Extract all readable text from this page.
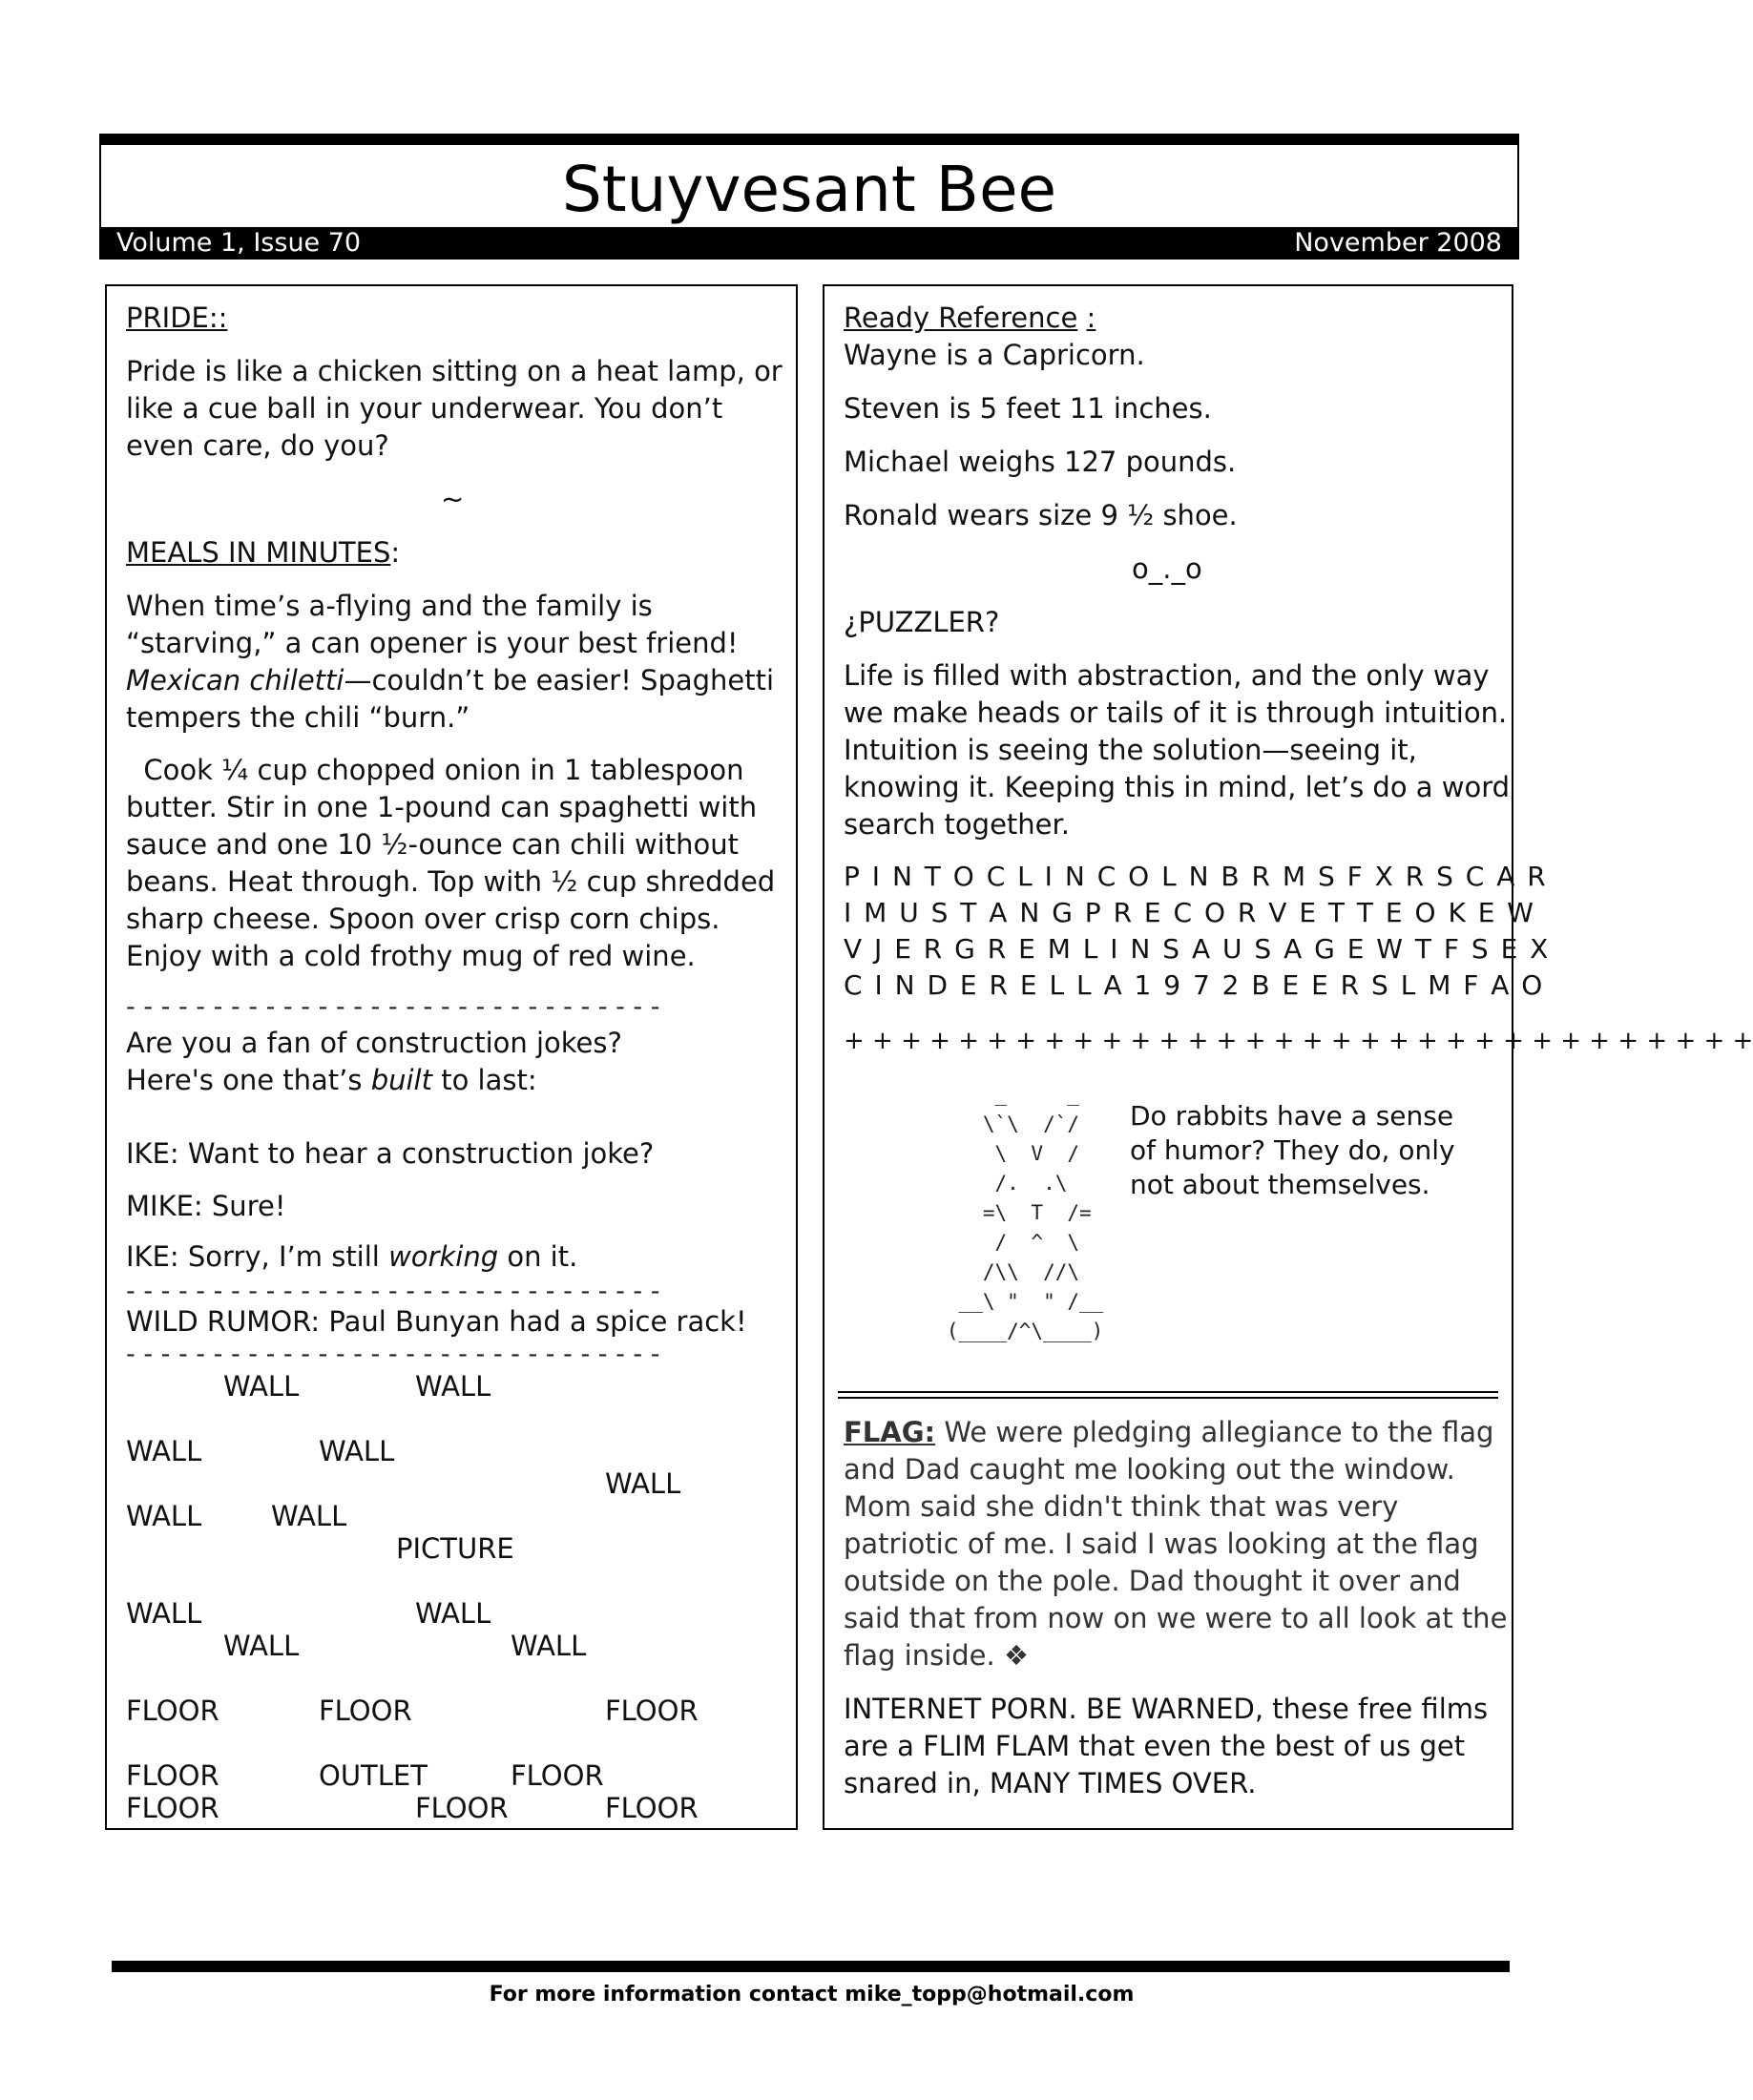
Stuyvesant Bee
Volume 1, Issue 70	November 2008
PRIDE::
Pride is like a chicken sitting on a heat lamp, or
like a cue ball in your underwear. You don’t
even care, do you?
~
MEALS IN MINUTES:
When time’s a-flying and the family is
“starving,” a can opener is your best friend!
Mexican chiletti—couldn’t be easier! Spaghetti
tempers the chili “burn.”
Cook ¼ cup chopped onion in 1 tablespoon
butter. Stir in one 1-pound can spaghetti with
sauce and one 10 ½-ounce can chili without
beans. Heat through. Top with ½ cup shredded
sharp cheese. Spoon over crisp corn chips.
Enjoy with a cold frothy mug of red wine.
- - - - - - - - - - - - - - - - - - - - - - - - - - - - - - -
Are you a fan of construction jokes?
Here's one that’s built to last:
IKE: Want to hear a construction joke?
MIKE: Sure!
IKE: Sorry, I’m still working on it.
- - - - - - - - - - - - - - - - - - - - - - - - - - - - - - -
WILD RUMOR: Paul Bunyan had a spice rack!
- - - - - - - - - - - - - - - - - - - - - - - - - - - - - - -
WALL	WALL
WALL	WALL
WALL
WALL	WALL
PICTURE
WALL	WALL
WALL	WALL
FLOOR	FLOOR	FLOOR
FLOOR	OUTLET	FLOOR
FLOOR	FLOOR	FLOOR
Ready Reference :
Wayne is a Capricorn.
Steven is 5 feet 11 inches.
Michael weighs 127 pounds.
Ronald wears size 9 ½ shoe.
o_._o
¿PUZZLER?
Life is filled with abstraction, and the only way
we make heads or tails of it is through intuition.
Intuition is seeing the solution—seeing it,
knowing it. Keeping this in mind, let’s do a word
search together.
P I N T O C L I N C O L N B R M S F X R S C A R
I M U S T A N G P R E C O R V E T T E O K E W
V J E R G R E M L I N S A U S A G E W T F S E X
C I N D E R E L L A 1 9 7 2 B E E R S L M F A O
+ + + + + + + + + + + + + + + + + + + + + + + + + + + + + + + +
_     _
\`\  /`/
\  V  /
/.  .\
=\  T  /=
/  ^  \
/\\  //\
__\ "  " /__
(____/^\____)
Do rabbits have a sense
of humor? They do, only
not about themselves.
FLAG: We were pledging allegiance to the flag
and Dad caught me looking out the window.
Mom said she didn't think that was very
patriotic of me. I said I was looking at the flag
outside on the pole. Dad thought it over and
said that from now on we were to all look at the
flag inside. ❖
INTERNET PORN. BE WARNED, these free films
are a FLIM FLAM that even the best of us get
snared in, MANY TIMES OVER.
For more information contact mike_topp@hotmail.com
